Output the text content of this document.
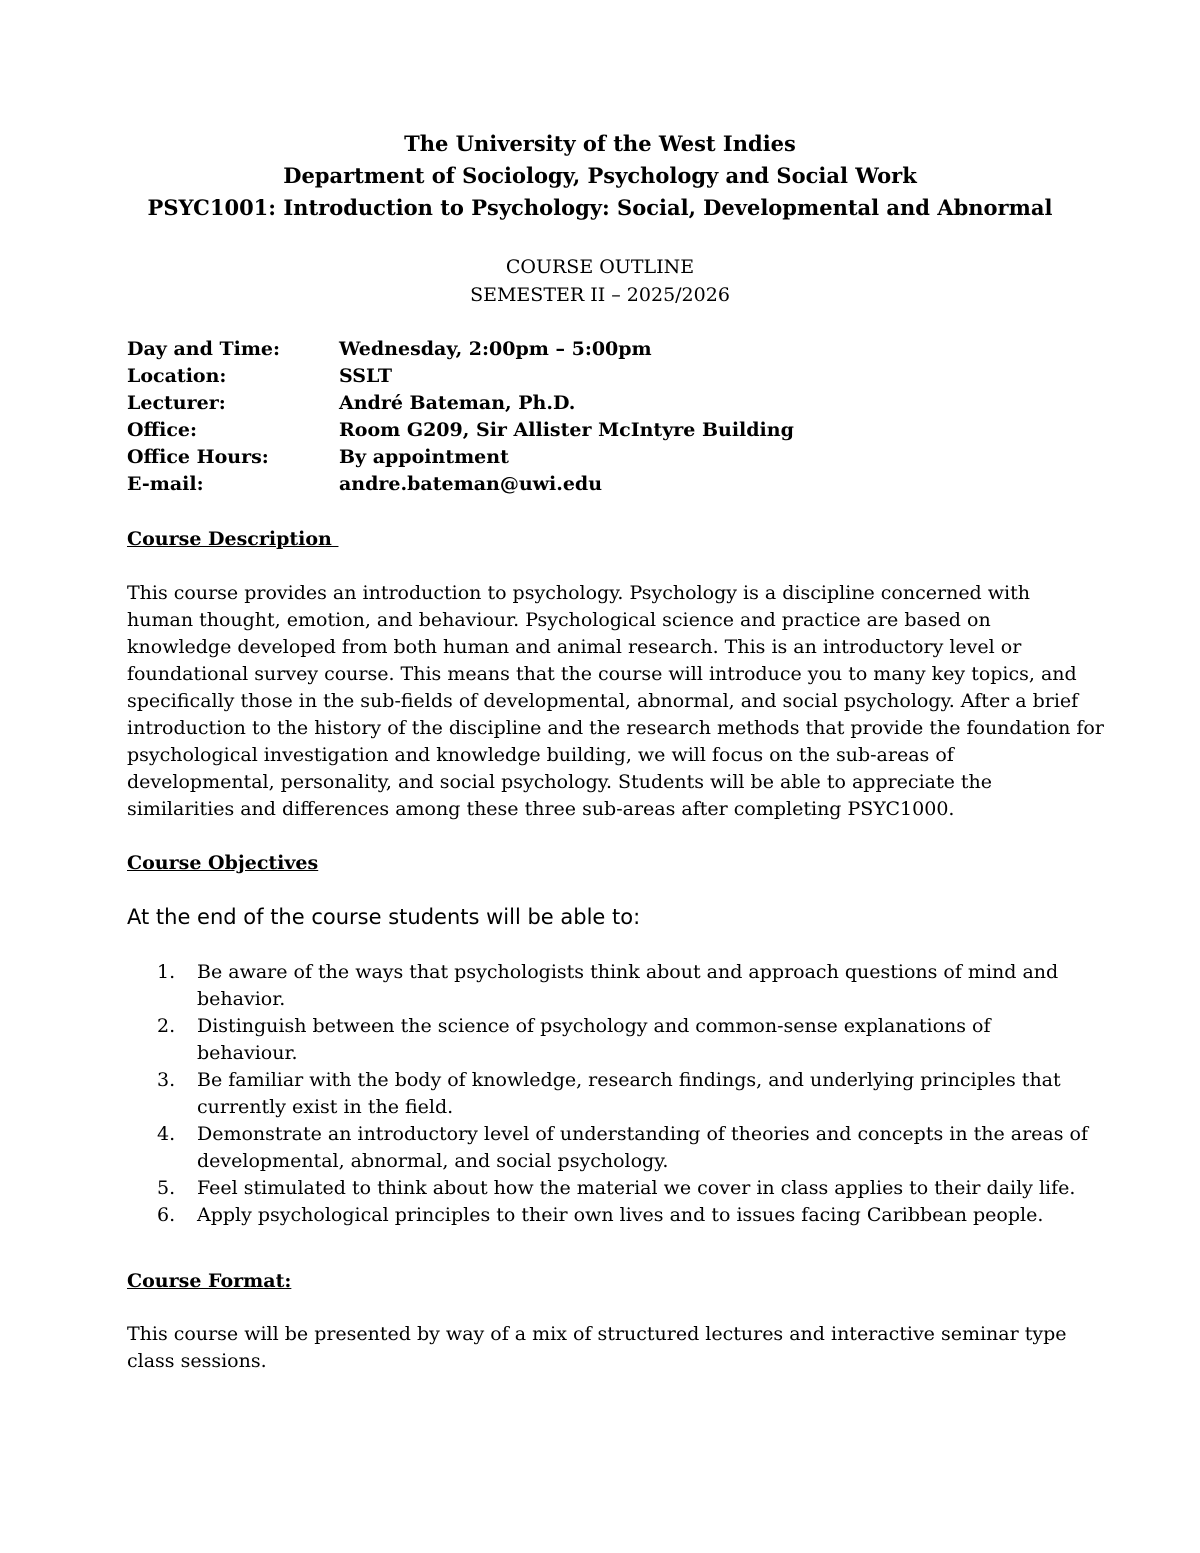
The University of the West Indies
Department of Sociology, Psychology and Social Work
PSYC1001: Introduction to Psychology: Social, Developmental and Abnormal
COURSE OUTLINE
SEMESTER II – 2025/2026
Day and Time:	Wednesday, 2:00pm – 5:00pm
Location:	SSLT
Lecturer:	André Bateman, Ph.D.
Office:	Room G209, Sir Allister McIntyre Building
Office Hours:	By appointment
E-mail:	andre.bateman@uwi.edu
Course Description
This course provides an introduction to psychology. Psychology is a discipline concerned with
human thought, emotion, and behaviour. Psychological science and practice are based on
knowledge developed from both human and animal research. This is an introductory level or
foundational survey course. This means that the course will introduce you to many key topics, and
specifically those in the sub-fields of developmental, abnormal, and social psychology. After a brief
introduction to the history of the discipline and the research methods that provide the foundation for
psychological investigation and knowledge building, we will focus on the sub-areas of
developmental, personality, and social psychology. Students will be able to appreciate the
similarities and differences among these three sub-areas after completing PSYC1000.
Course Objectives
At the end of the course students will be able to:
1.	Be aware of the ways that psychologists think about and approach questions of mind and
behavior.
2.	Distinguish between the science of psychology and common-sense explanations of
behaviour.
3.	Be familiar with the body of knowledge, research findings, and underlying principles that
currently exist in the field.
4.	Demonstrate an introductory level of understanding of theories and concepts in the areas of
developmental, abnormal, and social psychology.
5.	Feel stimulated to think about how the material we cover in class applies to their daily life.
6.	Apply psychological principles to their own lives and to issues facing Caribbean people.
Course Format:
This course will be presented by way of a mix of structured lectures and interactive seminar type
class sessions.
